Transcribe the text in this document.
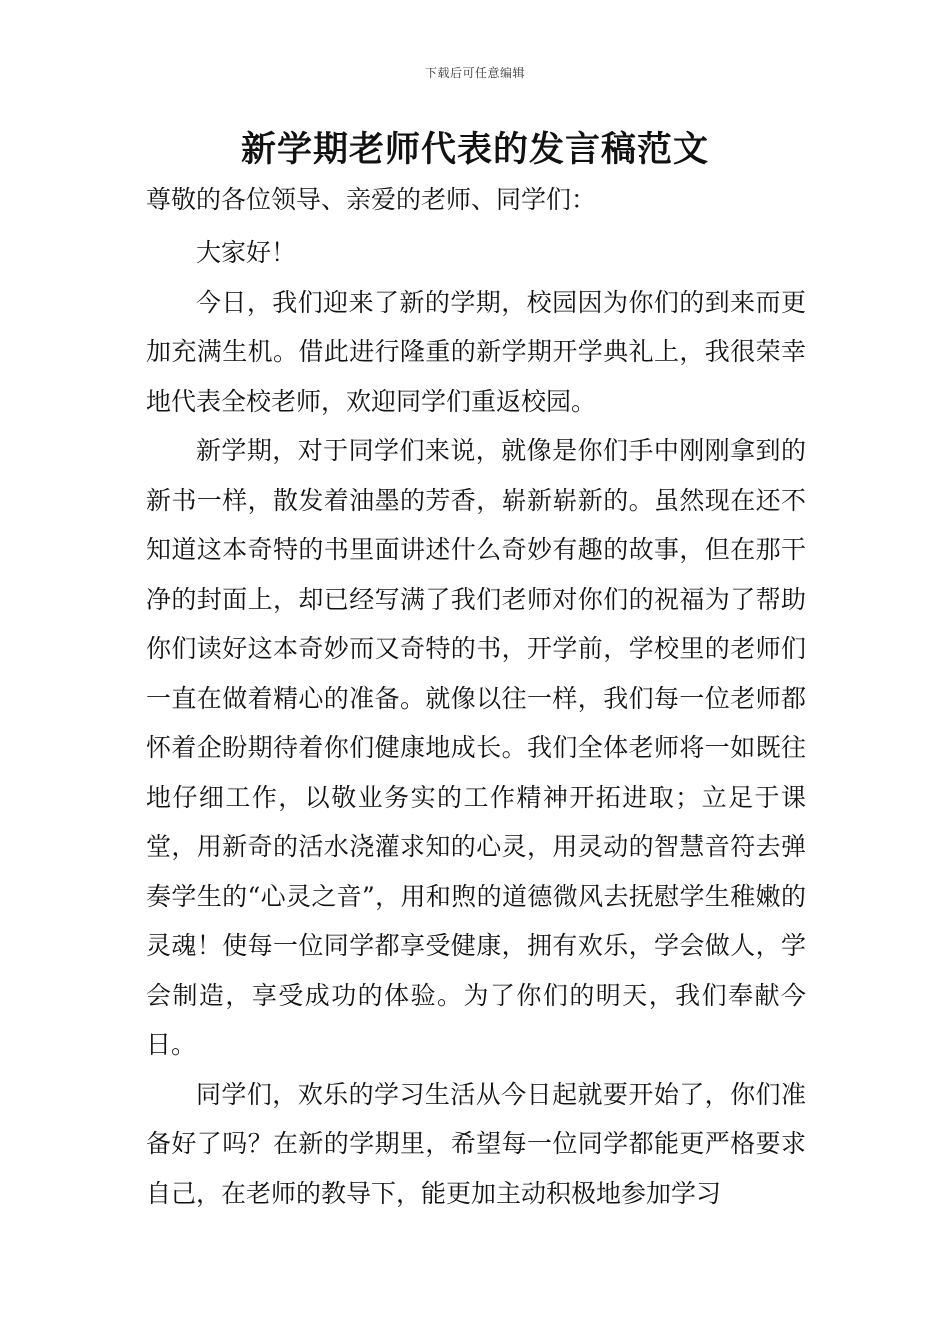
下载后可任意编辑
新学期老师代表的发言稿范文

尊敬的各位领导、亲爱的老师、同学们：

大家好！

今日，我们迎来了新的学期，校园因为你们的到来而更加充满生机。借此进行隆重的新学期开学典礼上，我很荣幸地代表全校老师，欢迎同学们重返校园。

新学期，对于同学们来说，就像是你们手中刚刚拿到的新书一样，散发着油墨的芳香，崭新崭新的。虽然现在还不知道这本奇特的书里面讲述什么奇妙有趣的故事，但在那干净的封面上，却已经写满了我们老师对你们的祝福为了帮助你们读好这本奇妙而又奇特的书，开学前，学校里的老师们一直在做着精心的准备。就像以往一样，我们每一位老师都怀着企盼期待着你们健康地成长。我们全体老师将一如既往地仔细工作，以敬业务实的工作精神开拓进取；立足于课堂，用新奇的活水浇灌求知的心灵，用灵动的智慧音符去弹奏学生的“心灵之音”，用和煦的道德微风去抚慰学生稚嫩的灵魂！使每一位同学都享受健康，拥有欢乐，学会做人，学会制造，享受成功的体验。为了你们的明天，我们奉献今日。

同学们，欢乐的学习生活从今日起就要开始了，你们准备好了吗？在新的学期里，希望每一位同学都能更严格要求自己，在老师的教导下，能更加主动积极地参加学习
